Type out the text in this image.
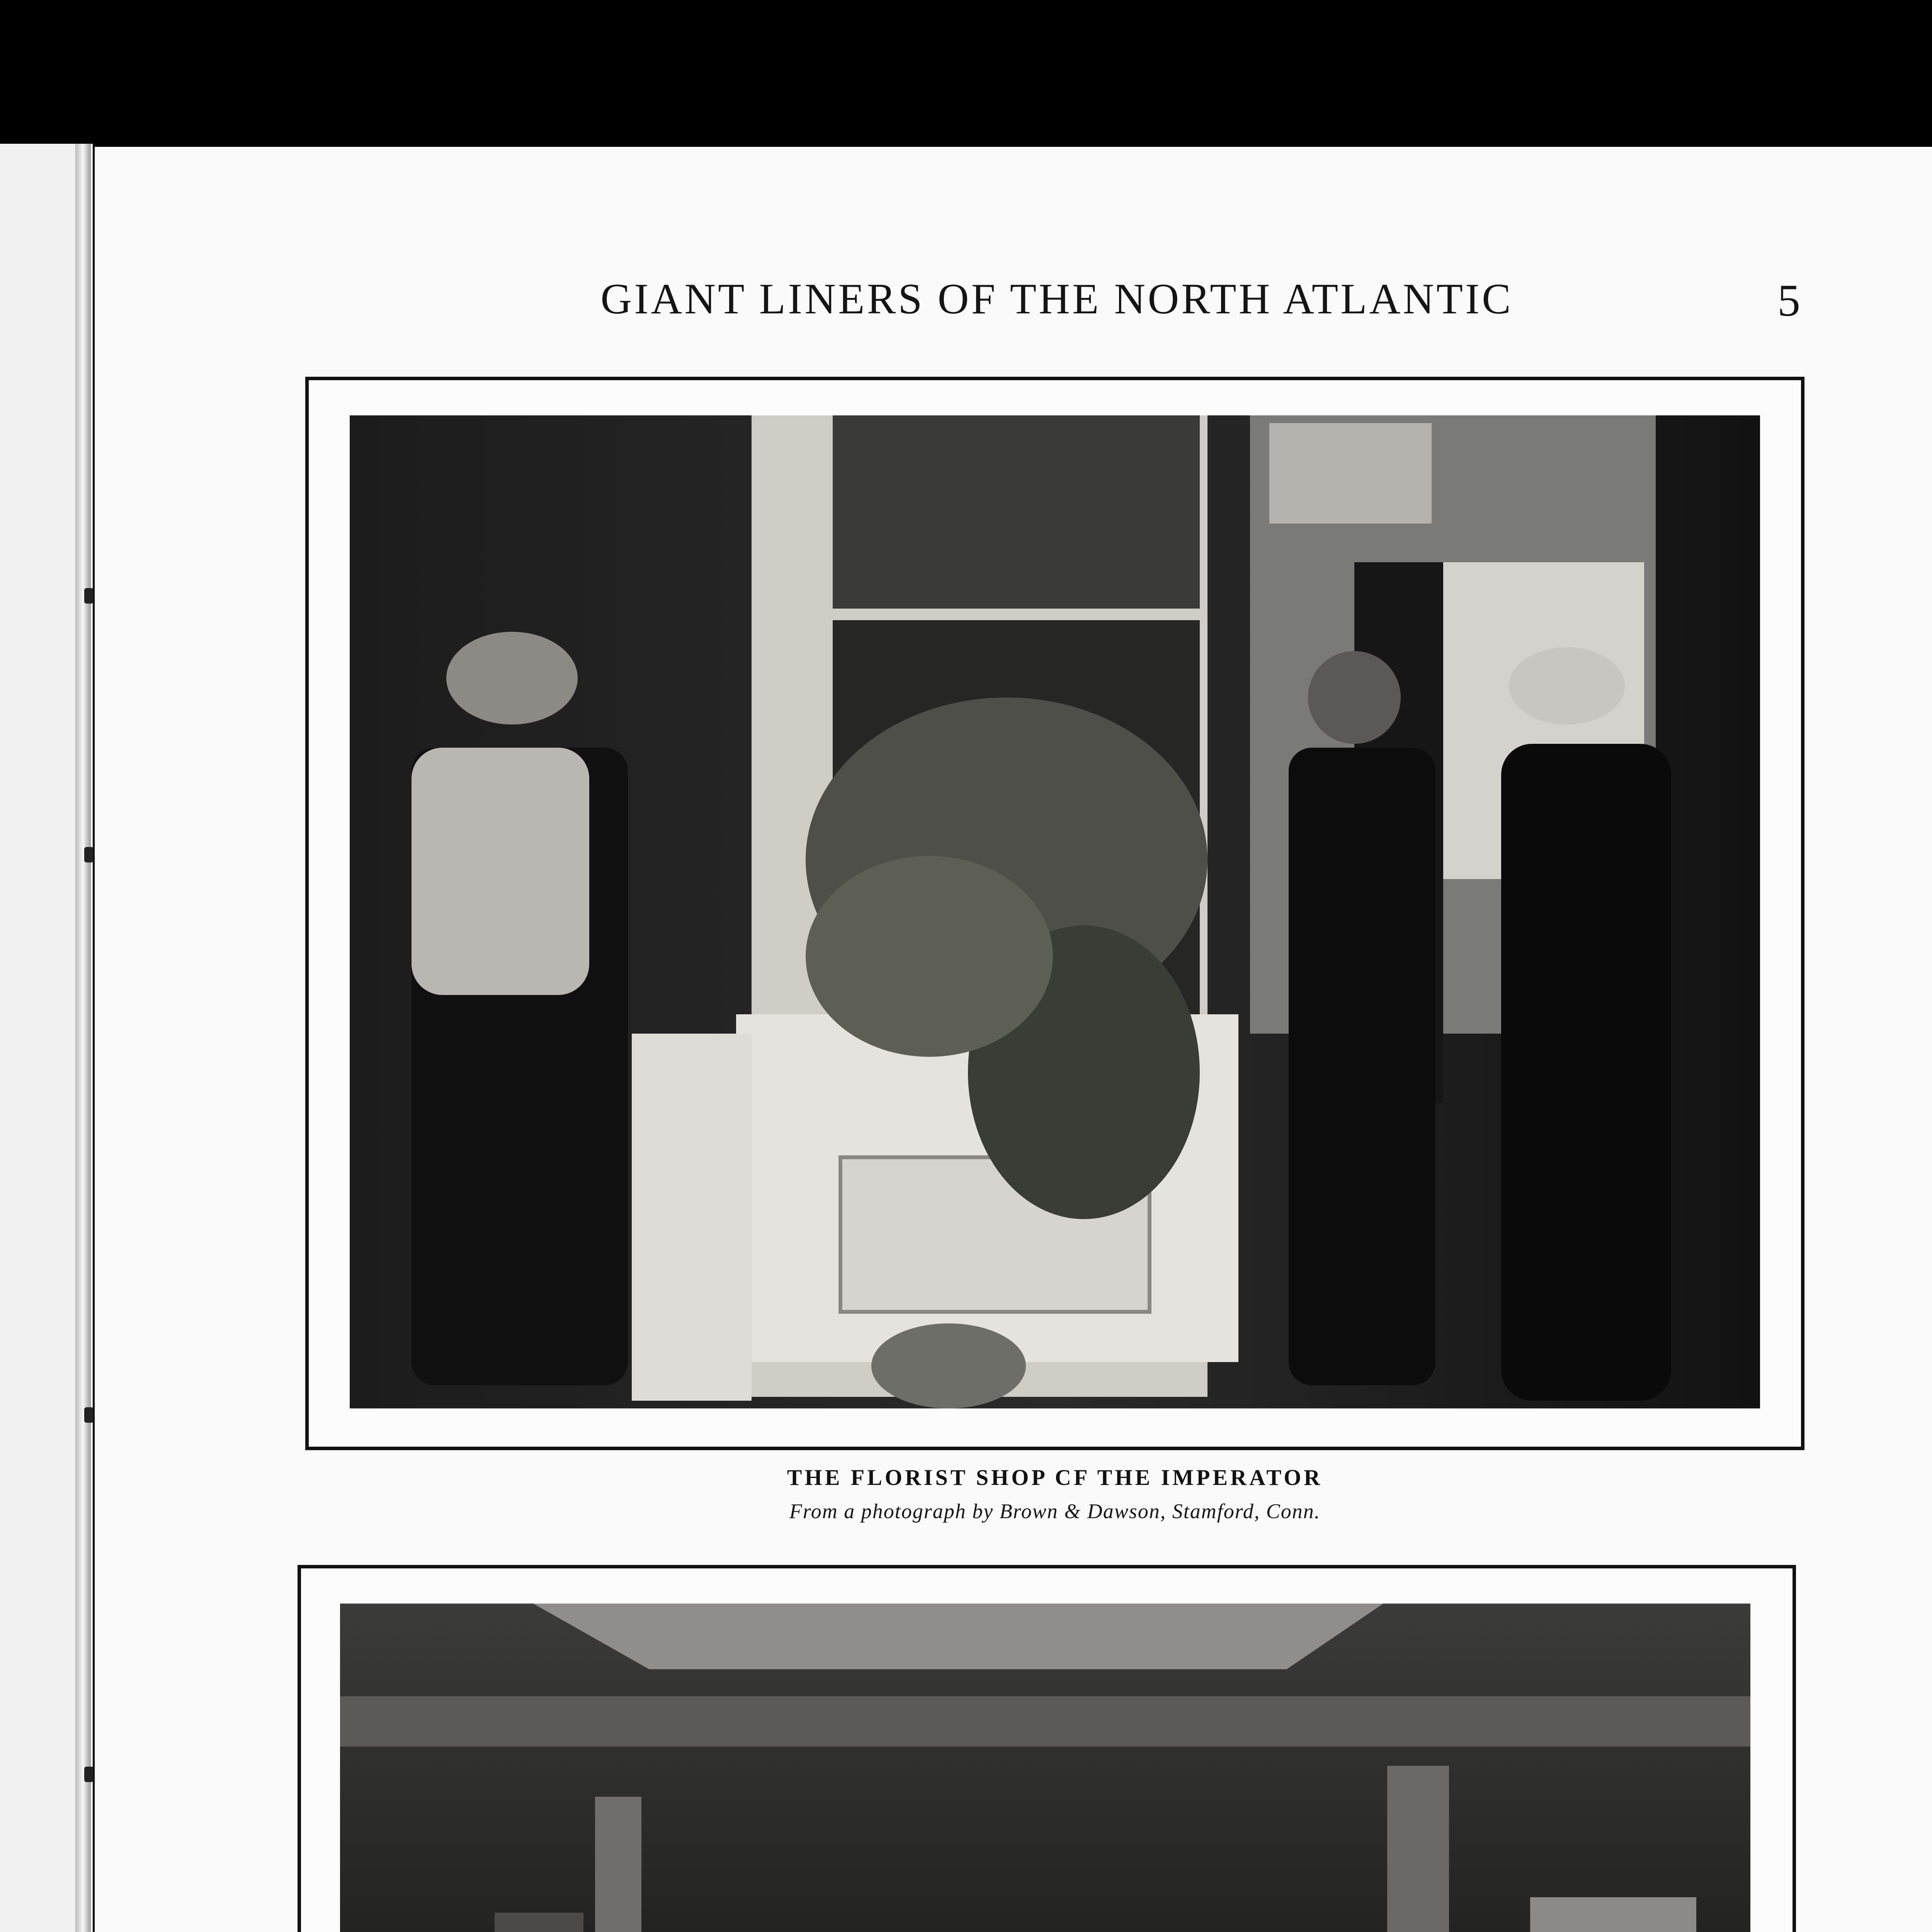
GIANT LINERS OF THE NORTH ATLANTIC	5
THE FLORIST SHOP CF THE IMPERATOR
From a photograph by Brown & Dawson, Stamford, Conn.
